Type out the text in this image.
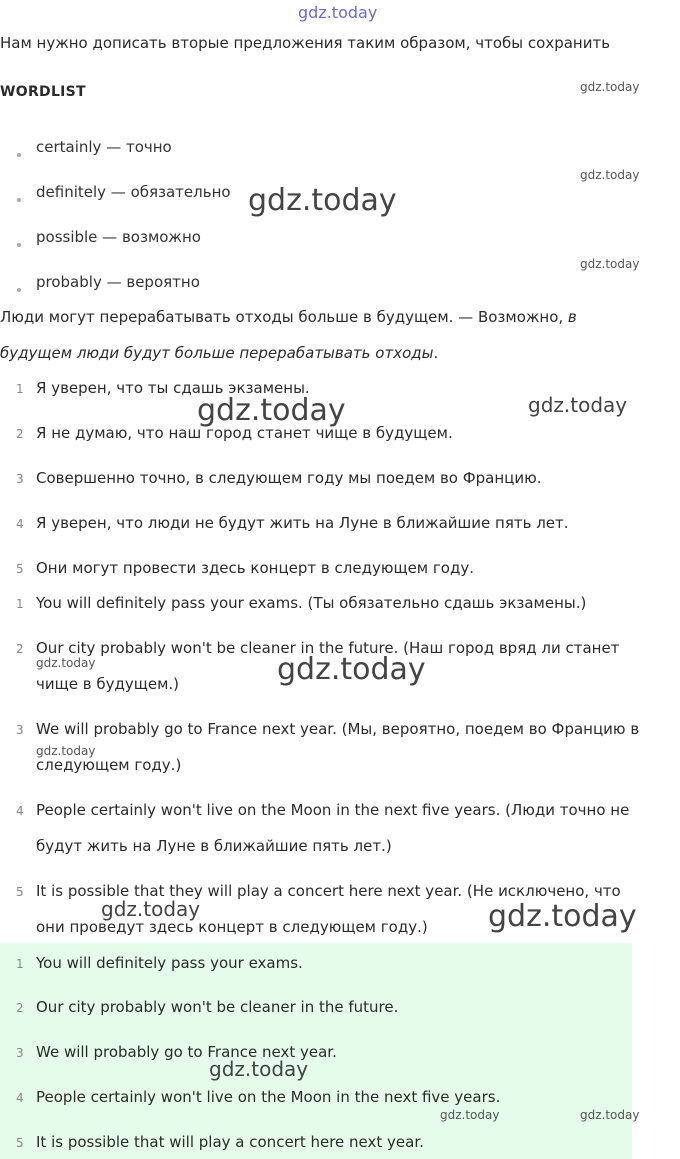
gdz.today
Нам нужно дописать вторые предложения таким образом, чтобы сохранить
WORDLIST
certainly — точно
definitely — обязательно
possible — возможно
probably — вероятно
Люди могут перерабатывать отходы больше в будущем. — Возможно, в
будущем люди будут больше перерабатывать отходы.
1 Я уверен, что ты сдашь экзамены.
2 Я не думаю, что наш город станет чище в будущем.
3 Совершенно точно, в следующем году мы поедем во Францию.
4 Я уверен, что люди не будут жить на Луне в ближайшие пять лет.
5 Они могут провести здесь концерт в следующем году.
1 You will definitely pass your exams. (Ты обязательно сдашь экзамены.)
2 Our city probably won't be cleaner in the future. (Наш город вряд ли станет
чище в будущем.)
3 We will probably go to France next year. (Мы, вероятно, поедем во Францию в
следующем году.)
4 People certainly won't live on the Moon in the next five years. (Люди точно не
будут жить на Луне в ближайшие пять лет.)
5 It is possible that they will play a concert here next year. (Не исключено, что
они проведут здесь концерт в следующем году.)
1 You will definitely pass your exams.
2 Our city probably won't be cleaner in the future.
3 We will probably go to France next year.
4 People certainly won't live on the Moon in the next five years.
5 It is possible that will play a concert here next year.
gdz.today
gdz.today
gdz.today
gdz.today
gdz.today	gdz.today
gdz.today	gdz.today
gdz.today
gdz.today	gdz.today
gdz.today
gdz.today	gdz.today
